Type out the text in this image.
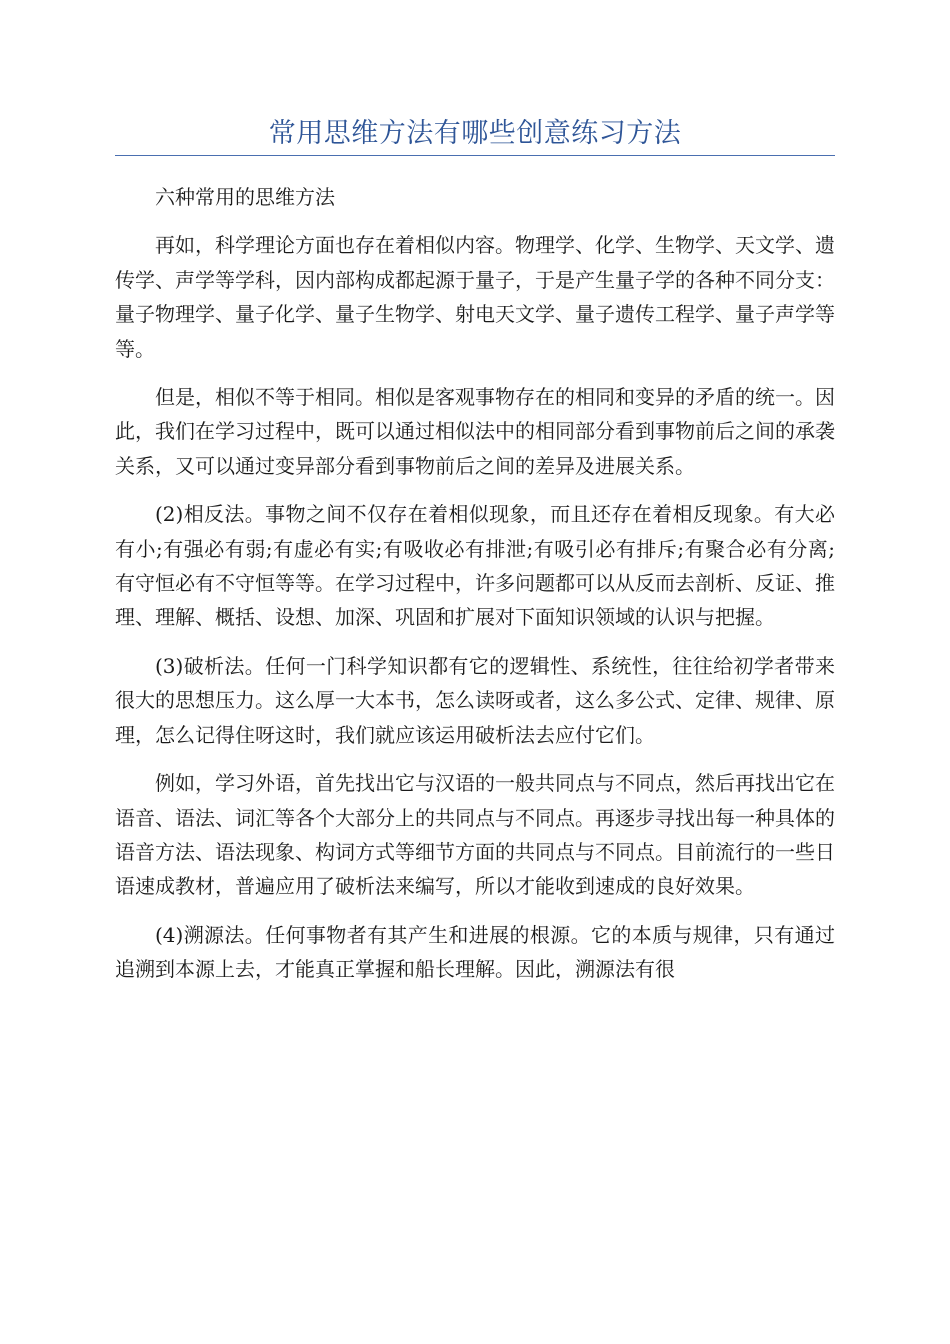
常用思维方法有哪些创意练习方法

六种常用的思维方法

再如，科学理论方面也存在着相似内容。物理学、化学、生物学、天文学、遗传学、声学等学科，因内部构成都起源于量子，于是产生量子学的各种不同分支：量子物理学、量子化学、量子生物学、射电天文学、量子遗传工程学、量子声学等等。

但是，相似不等于相同。相似是客观事物存在的相同和变异的矛盾的统一。因此，我们在学习过程中，既可以通过相似法中的相同部分看到事物前后之间的承袭关系，又可以通过变异部分看到事物前后之间的差异及进展关系。

(2)相反法。事物之间不仅存在着相似现象，而且还存在着相反现象。有大必有小;有强必有弱;有虚必有实;有吸收必有排泄;有吸引必有排斥;有聚合必有分离;有守恒必有不守恒等等。在学习过程中，许多问题都可以从反而去剖析、反证、推理、理解、概括、设想、加深、巩固和扩展对下面知识领域的认识与把握。

(3)破析法。任何一门科学知识都有它的逻辑性、系统性，往往给初学者带来很大的思想压力。这么厚一大本书，怎么读呀或者，这么多公式、定律、规律、原理，怎么记得住呀这时，我们就应该运用破析法去应付它们。

例如，学习外语，首先找出它与汉语的一般共同点与不同点，然后再找出它在语音、语法、词汇等各个大部分上的共同点与不同点。再逐步寻找出每一种具体的语音方法、语法现象、构词方式等细节方面的共同点与不同点。目前流行的一些日语速成教材，普遍应用了破析法来编写，所以才能收到速成的良好效果。

(4)溯源法。任何事物者有其产生和进展的根源。它的本质与规律，只有通过追溯到本源上去，才能真正掌握和船长理解。因此，溯源法有很
